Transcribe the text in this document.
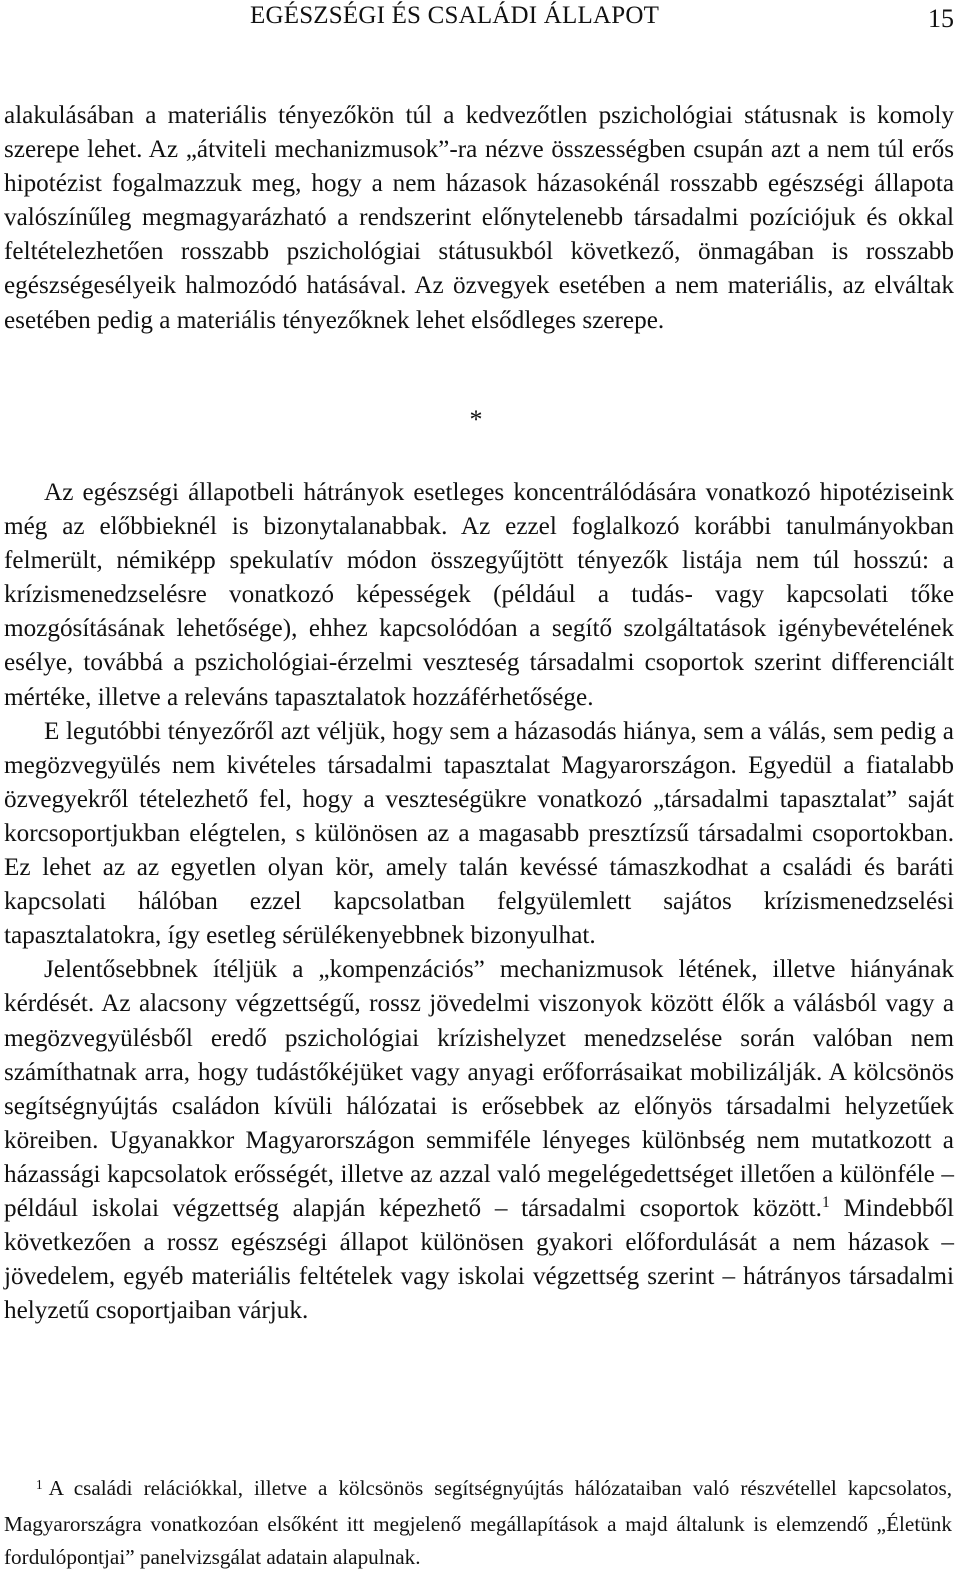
EGÉSZSÉGI ÉS CSALÁDI ÁLLAPOT	15

alakulásában a materiális tényezőkön túl a kedvezőtlen pszichológiai státusnak is komoly szerepe lehet. Az „átviteli mechanizmusok”-ra nézve összességben csupán azt a nem túl erős hipotézist fogalmazzuk meg, hogy a nem házasok házasokénál rosszabb egészségi állapota valószínűleg megmagyarázható a rendszerint előnytelenebb társadalmi pozíciójuk és okkal feltételezhetően rosszabb pszichológiai státusukból következő, önmagában is rosszabb egészségesélyeik halmozódó hatásával. Az özvegyek esetében a nem materiális, az elváltak esetében pedig a materiális tényezőknek lehet elsődleges szerepe.

*

Az egészségi állapotbeli hátrányok esetleges koncentrálódására vonatkozó hipotéziseink még az előbbieknél is bizonytalanabbak. Az ezzel foglalkozó korábbi tanulmányokban felmerült, némiképp spekulatív módon összegyűjtött tényezők listája nem túl hosszú: a krízismenedzselésre vonatkozó képességek (például a tudás- vagy kapcsolati tőke mozgósításának lehetősége), ehhez kapcsolódóan a segítő szolgáltatások igénybevételének esélye, továbbá a pszichológiai-érzelmi veszteség társadalmi csoportok szerint differenciált mértéke, illetve a releváns tapasztalatok hozzáférhetősége.

E legutóbbi tényezőről azt véljük, hogy sem a házasodás hiánya, sem a válás, sem pedig a megözvegyülés nem kivételes társadalmi tapasztalat Magyarországon. Egyedül a fiatalabb özvegyekről tételezhető fel, hogy a veszteségükre vonatkozó „társadalmi tapasztalat” saját korcsoportjukban elégtelen, s különösen az a magasabb presztízsű társadalmi csoportokban. Ez lehet az az egyetlen olyan kör, amely talán kevéssé támaszkodhat a családi és baráti kapcsolati hálóban ezzel kapcsolatban felgyülemlett sajátos krízismenedzselési tapasztalatokra, így esetleg sérülékenyebbnek bizonyulhat.

Jelentősebbnek ítéljük a „kompenzációs” mechanizmusok létének, illetve hiányának kérdését. Az alacsony végzettségű, rossz jövedelmi viszonyok között élők a válásból vagy a megözvegyülésből eredő pszichológiai krízishelyzet menedzselése során valóban nem számíthatnak arra, hogy tudástőkéjüket vagy anyagi erőforrásaikat mobilizálják. A kölcsönös segítségnyújtás családon kívüli hálózatai is erősebbek az előnyös társadalmi helyzetűek köreiben. Ugyanakkor Magyarországon semmiféle lényeges különbség nem mutatkozott a házassági kapcsolatok erősségét, illetve az azzal való megelégedettséget illetően a különféle – például iskolai végzettség alapján képezhető – társadalmi csoportok között.$^1$ Mindebből következően a rossz egészségi állapot különösen gyakori előfordulását a nem házasok – jövedelem, egyéb materiális feltételek vagy iskolai végzettség szerint – hátrányos társadalmi helyzetű csoportjaiban várjuk.

$^1$ A családi relációkkal, illetve a kölcsönös segítségnyújtás hálózataiban való részvétellel kapcsolatos, Magyarországra vonatkozóan elsőként itt megjelenő megállapítások a majd általunk is elemzendő „Életünk fordulópontjai” panelvizsgálat adatain alapulnak.
